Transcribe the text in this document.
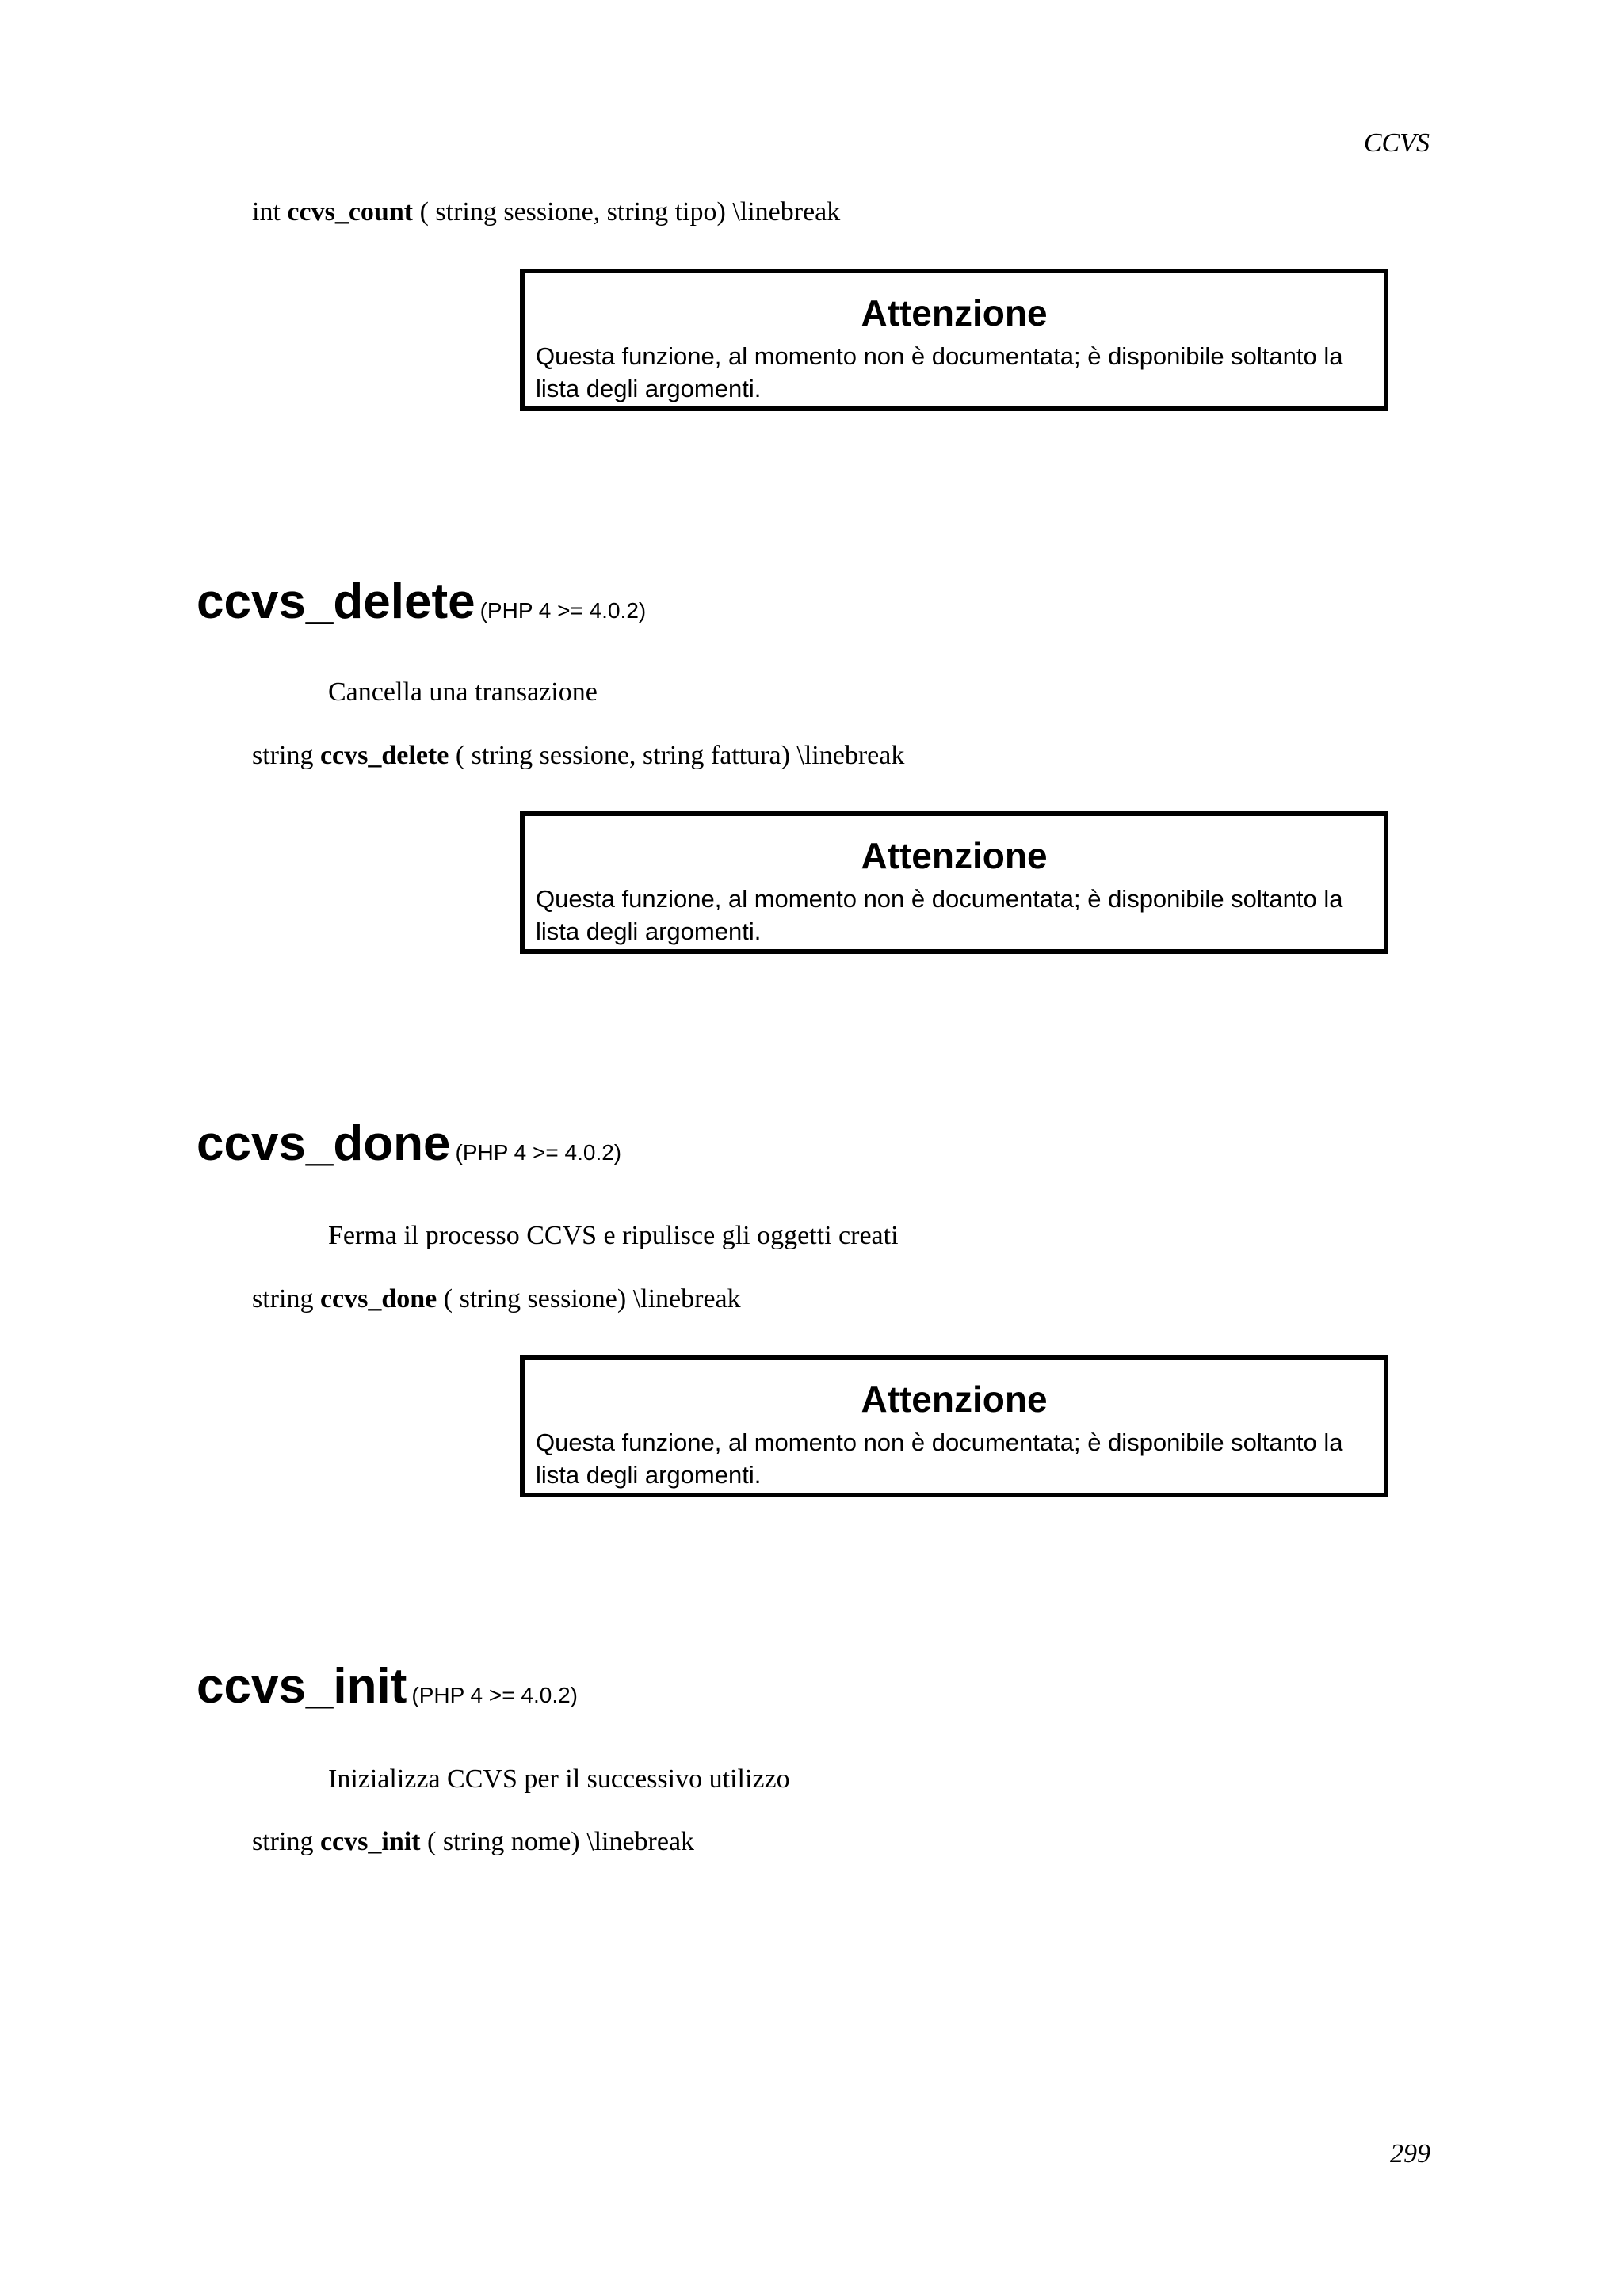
CCVS
int ccvs_count ( string sessione, string tipo) \linebreak
Attenzione
Questa funzione, al momento non è documentata; è disponibile soltanto la lista degli argomenti.
ccvs_delete (PHP 4 >= 4.0.2)
Cancella una transazione
string ccvs_delete ( string sessione, string fattura) \linebreak
Attenzione
Questa funzione, al momento non è documentata; è disponibile soltanto la lista degli argomenti.
ccvs_done (PHP 4 >= 4.0.2)
Ferma il processo CCVS e ripulisce gli oggetti creati
string ccvs_done ( string sessione) \linebreak
Attenzione
Questa funzione, al momento non è documentata; è disponibile soltanto la lista degli argomenti.
ccvs_init (PHP 4 >= 4.0.2)
Inizializza CCVS per il successivo utilizzo
string ccvs_init ( string nome) \linebreak
299
